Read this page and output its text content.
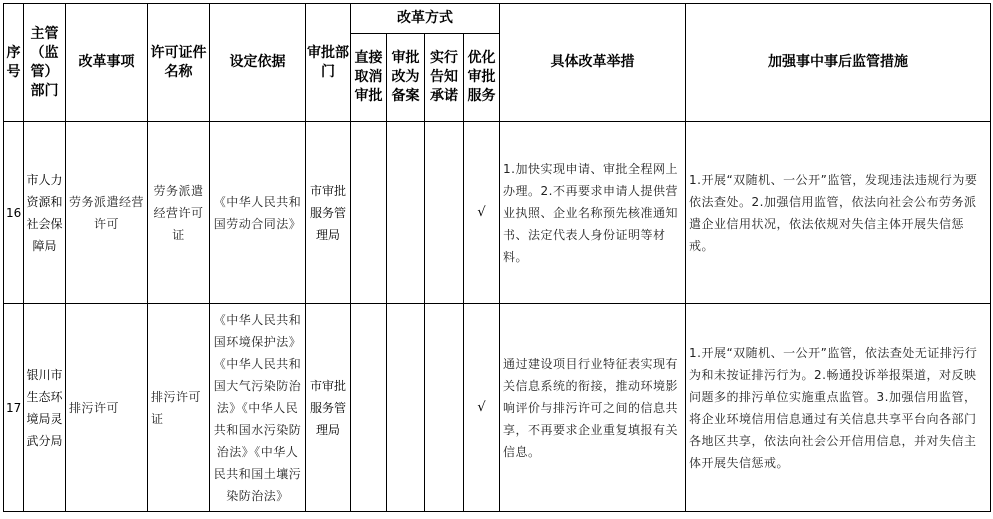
序号	主管（监管）部门	改革事项	许可证件名称	设定依据	审批部门	改革方式				具体改革举措	加强事中事后监管措施
						直接取消审批	审批改为备案	实行告知承诺	优化审批服务		
16	市人力资源和社会保障局	劳务派遣经营许可	劳务派遣经营许可证	《中华人民共和国劳动合同法》	市审批服务管理局				√	1.加快实现申请、审批全程网上办理。2.不再要求申请人提供营业执照、企业名称预先核准通知书、法定代表人身份证明等材料。	1.开展“双随机、一公开”监管，发现违法违规行为要依法查处。2.加强信用监管，依法向社会公布劳务派遣企业信用状况，依法依规对失信主体开展失信惩戒。
17	银川市生态环境局灵武分局	排污许可	排污许可证	《中华人民共和国环境保护法》《中华人民共和国大气污染防治法》《中华人民共和国水污染防治法》《中华人民共和国土壤污染防治法》	市审批服务管理局				√	通过建设项目行业特征表实现有关信息系统的衔接，推动环境影响评价与排污许可之间的信息共享，不再要求企业重复填报有关信息。	1.开展“双随机、一公开”监管，依法查处无证排污行为和未按证排污行为。2.畅通投诉举报渠道，对反映问题多的排污单位实施重点监管。3.加强信用监管，将企业环境信用信息通过有关信息共享平台向各部门各地区共享，依法向社会公开信用信息，并对失信主体开展失信惩戒。
